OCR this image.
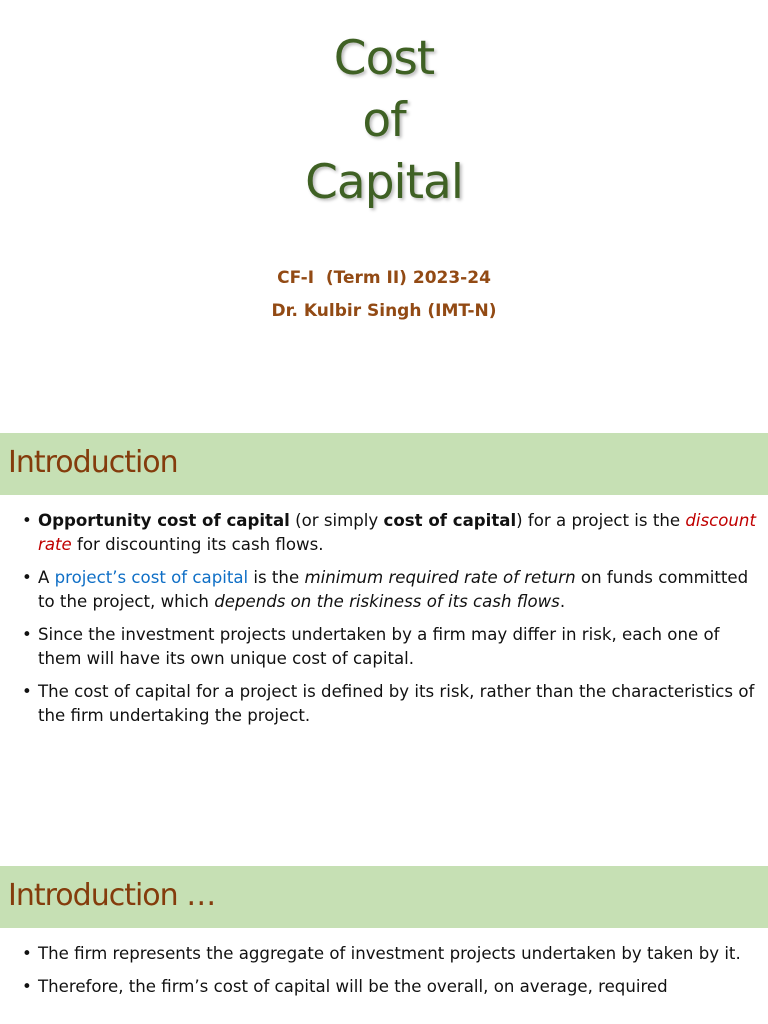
Cost
of
Capital
CF-I  (Term II) 2023-24
Dr. Kulbir Singh (IMT-N)
Introduction
• Opportunity cost of capital (or simply cost of capital) for a project is the discount rate for discounting its cash flows.
• A project’s cost of capital is the minimum required rate of return on funds committed to the project, which depends on the riskiness of its cash flows.
• Since the investment projects undertaken by a firm may differ in risk, each one of them will have its own unique cost of capital.
• The cost of capital for a project is defined by its risk, rather than the characteristics of the firm undertaking the project.
Introduction …
• The firm represents the aggregate of investment projects undertaken by taken by it.
• Therefore, the firm’s cost of capital will be the overall, on average, required
